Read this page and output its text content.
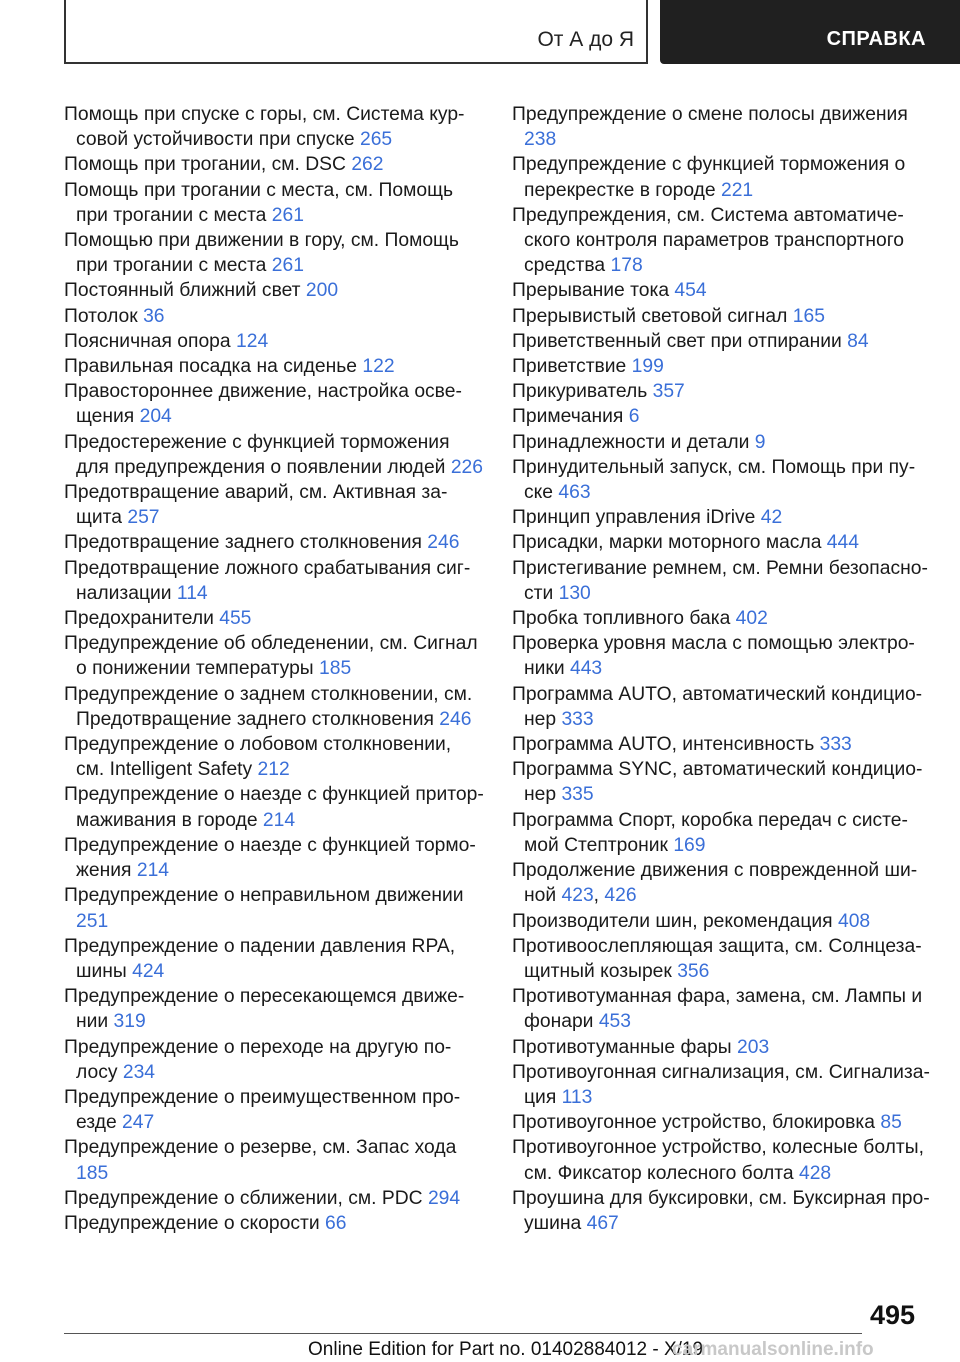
От А до Я	СПРАВКА
Помощь при спуске с горы, см. Система курсовой устойчивости при спуске 265
Помощь при трогании, см. DSC 262
Помощь при трогании с места, см. Помощь при трогании с места 261
Помощью при движении в гору, см. Помощь при трогании с места 261
Постоянный ближний свет 200
Потолок 36
Поясничная опора 124
Правильная посадка на сиденье 122
Правостороннее движение, настройка освещения 204
Предостережение с функцией торможения для предупреждения о появлении людей 226
Предотвращение аварий, см. Активная защита 257
Предотвращение заднего столкновения 246
Предотвращение ложного срабатывания сигнализации 114
Предохранители 455
Предупреждение об обледенении, см. Сигнал о понижении температуры 185
Предупреждение о заднем столкновении, см. Предотвращение заднего столкновения 246
Предупреждение о лобовом столкновении, см. Intelligent Safety 212
Предупреждение о наезде с функцией притормаживания в городе 214
Предупреждение о наезде с функцией торможения 214
Предупреждение о неправильном движении 251
Предупреждение о падении давления RPA, шины 424
Предупреждение о пересекающемся движении 319
Предупреждение о переходе на другую полосу 234
Предупреждение о преимущественном проезде 247
Предупреждение о резерве, см. Запас хода 185
Предупреждение о сближении, см. PDC 294
Предупреждение о скорости 66
Предупреждение о смене полосы движения 238
Предупреждение с функцией торможения о перекрестке в городе 221
Предупреждения, см. Система автоматического контроля параметров транспортного средства 178
Прерывание тока 454
Прерывистый световой сигнал 165
Приветственный свет при отпирании 84
Приветствие 199
Прикуриватель 357
Примечания 6
Принадлежности и детали 9
Принудительный запуск, см. Помощь при пуске 463
Принцип управления iDrive 42
Присадки, марки моторного масла 444
Пристегивание ремнем, см. Ремни безопасности 130
Пробка топливного бака 402
Проверка уровня масла с помощью электроники 443
Программа AUTO, автоматический кондиционер 333
Программа AUTO, интенсивность 333
Программа SYNC, автоматический кондиционер 335
Программа Спорт, коробка передач с системой Стептроник 169
Продолжение движения с поврежденной шиной 423, 426
Производители шин, рекомендация 408
Противоослепляющая защита, см. Солнцезащитный козырек 356
Противотуманная фара, замена, см. Лампы и фонари 453
Противотуманные фары 203
Противоугонная сигнализация, см. Сигнализация 113
Противоугонное устройство, блокировка 85
Противоугонное устройство, колесные болты, см. Фиксатор колесного болта 428
Проушина для буксировки, см. Буксирная проушина 467
495
Online Edition for Part no. 01402884012 - X/19
carmanualsonline.info
